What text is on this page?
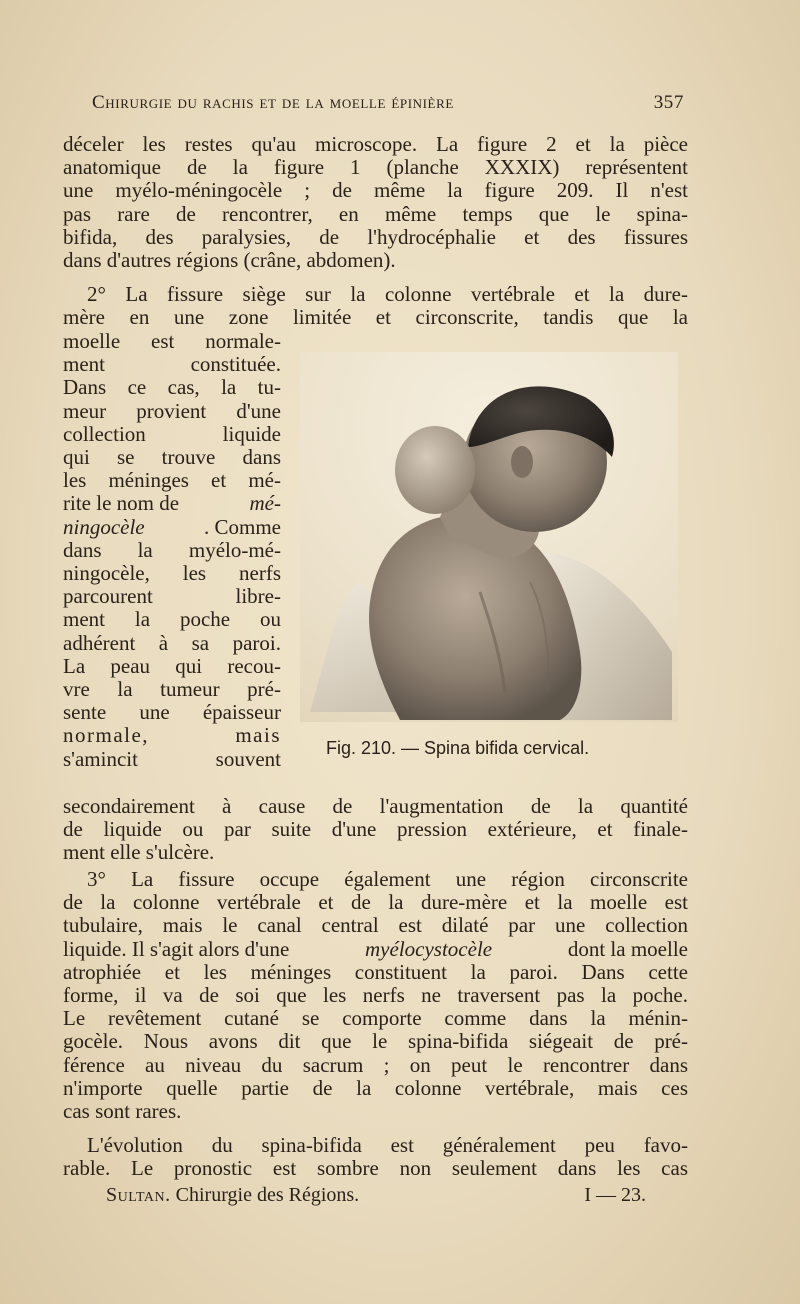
Chirurgie du rachis et de la moelle épinière	357
déceler les restes qu'au microscope. La figure 2 et la pièce
anatomique de la figure 1 (planche XXXIX) représentent
une myélo-méningocèle ; de même la figure 209. Il n'est
pas rare de rencontrer, en même temps que le spina-
bifida, des paralysies, de l'hydrocéphalie et des fissures
dans d'autres régions (crâne, abdomen).
2° La fissure siège sur la colonne vertébrale et la dure-
mère en une zone limitée et circonscrite, tandis que la
moelle est normale-
ment constituée.
Dans ce cas, la tu-
meur provient d'une
collection liquide
qui se trouve dans
les méninges et mé-
rite le nom de	mé-
ningocèle	. Comme
dans la myélo-mé-
ningocèle, les nerfs
parcourent libre-
ment la poche ou
adhérent à sa paroi.
La peau qui recou-
vre la tumeur pré-
sente une épaisseur
normale, mais
s'amincit souvent	Fig. 210. — Spina bifida cervical.
secondairement à cause de l'augmentation de la quantité
de liquide ou par suite d'une pression extérieure, et finale-
ment elle s'ulcère.
3° La fissure occupe également une région circonscrite
de la colonne vertébrale et de la dure-mère et la moelle est
tubulaire, mais le canal central est dilaté par une collection
liquide. Il s'agit alors d'une	myélocystocèle	dont la moelle
atrophiée et les méninges constituent la paroi. Dans cette
forme, il va de soi que les nerfs ne traversent pas la poche.
Le revêtement cutané se comporte comme dans la ménin-
gocèle. Nous avons dit que le spina-bifida siégeait de pré-
férence au niveau du sacrum ; on peut le rencontrer dans
n'importe quelle partie de la colonne vertébrale, mais ces
cas sont rares.
L'évolution du spina-bifida est généralement peu favo-
rable. Le pronostic est sombre non seulement dans les cas
Sultan. Chirurgie des Régions.	I — 23.
